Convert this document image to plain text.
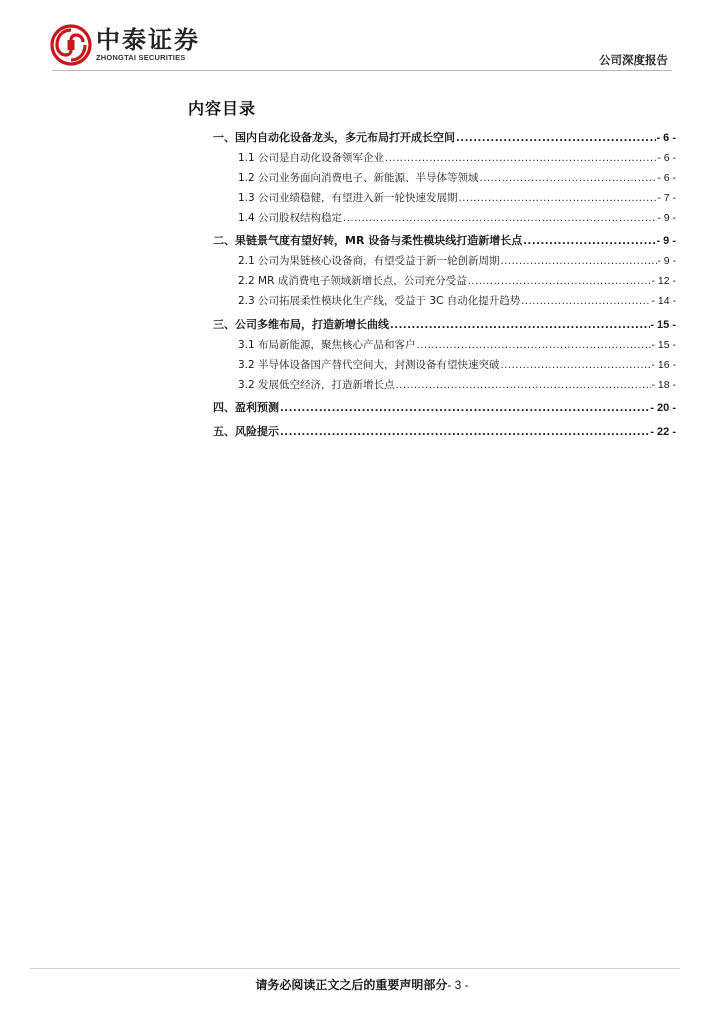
中泰证券
ZHONGTAI SECURITIES	公司深度报告
内容目录
一、国内自动化设备龙头，多元布局打开成长空间 .....	- 6 -
1.1 公司是自动化设备领军企业 .....	- 6 -
1.2 公司业务面向消费电子、新能源、半导体等领域 .....	- 6 -
1.3 公司业绩稳健，有望进入新一轮快速发展期 .....	- 7 -
1.4 公司股权结构稳定 .....	- 9 -
二、果链景气度有望好转，MR 设备与柔性模块线打造新增长点 .....	- 9 -
2.1 公司为果链核心设备商，有望受益于新一轮创新周期 .....	- 9 -
2.2 MR 成消费电子领域新增长点，公司充分受益 .....	- 12 -
2.3 公司拓展柔性模块化生产线，受益于 3C 自动化提升趋势 .....	- 14 -
三、公司多维布局，打造新增长曲线 .....	- 15 -
3.1 布局新能源，聚焦核心产品和客户 .....	- 15 -
3.2 半导体设备国产替代空间大，封测设备有望快速突破 .....	- 16 -
3.2 发展低空经济，打造新增长点 .....	- 18 -
四、盈利预测 .....	- 20 -
五、风险提示 .....	- 22 -
请务必阅读正文之后的重要声明部分- 3 -
